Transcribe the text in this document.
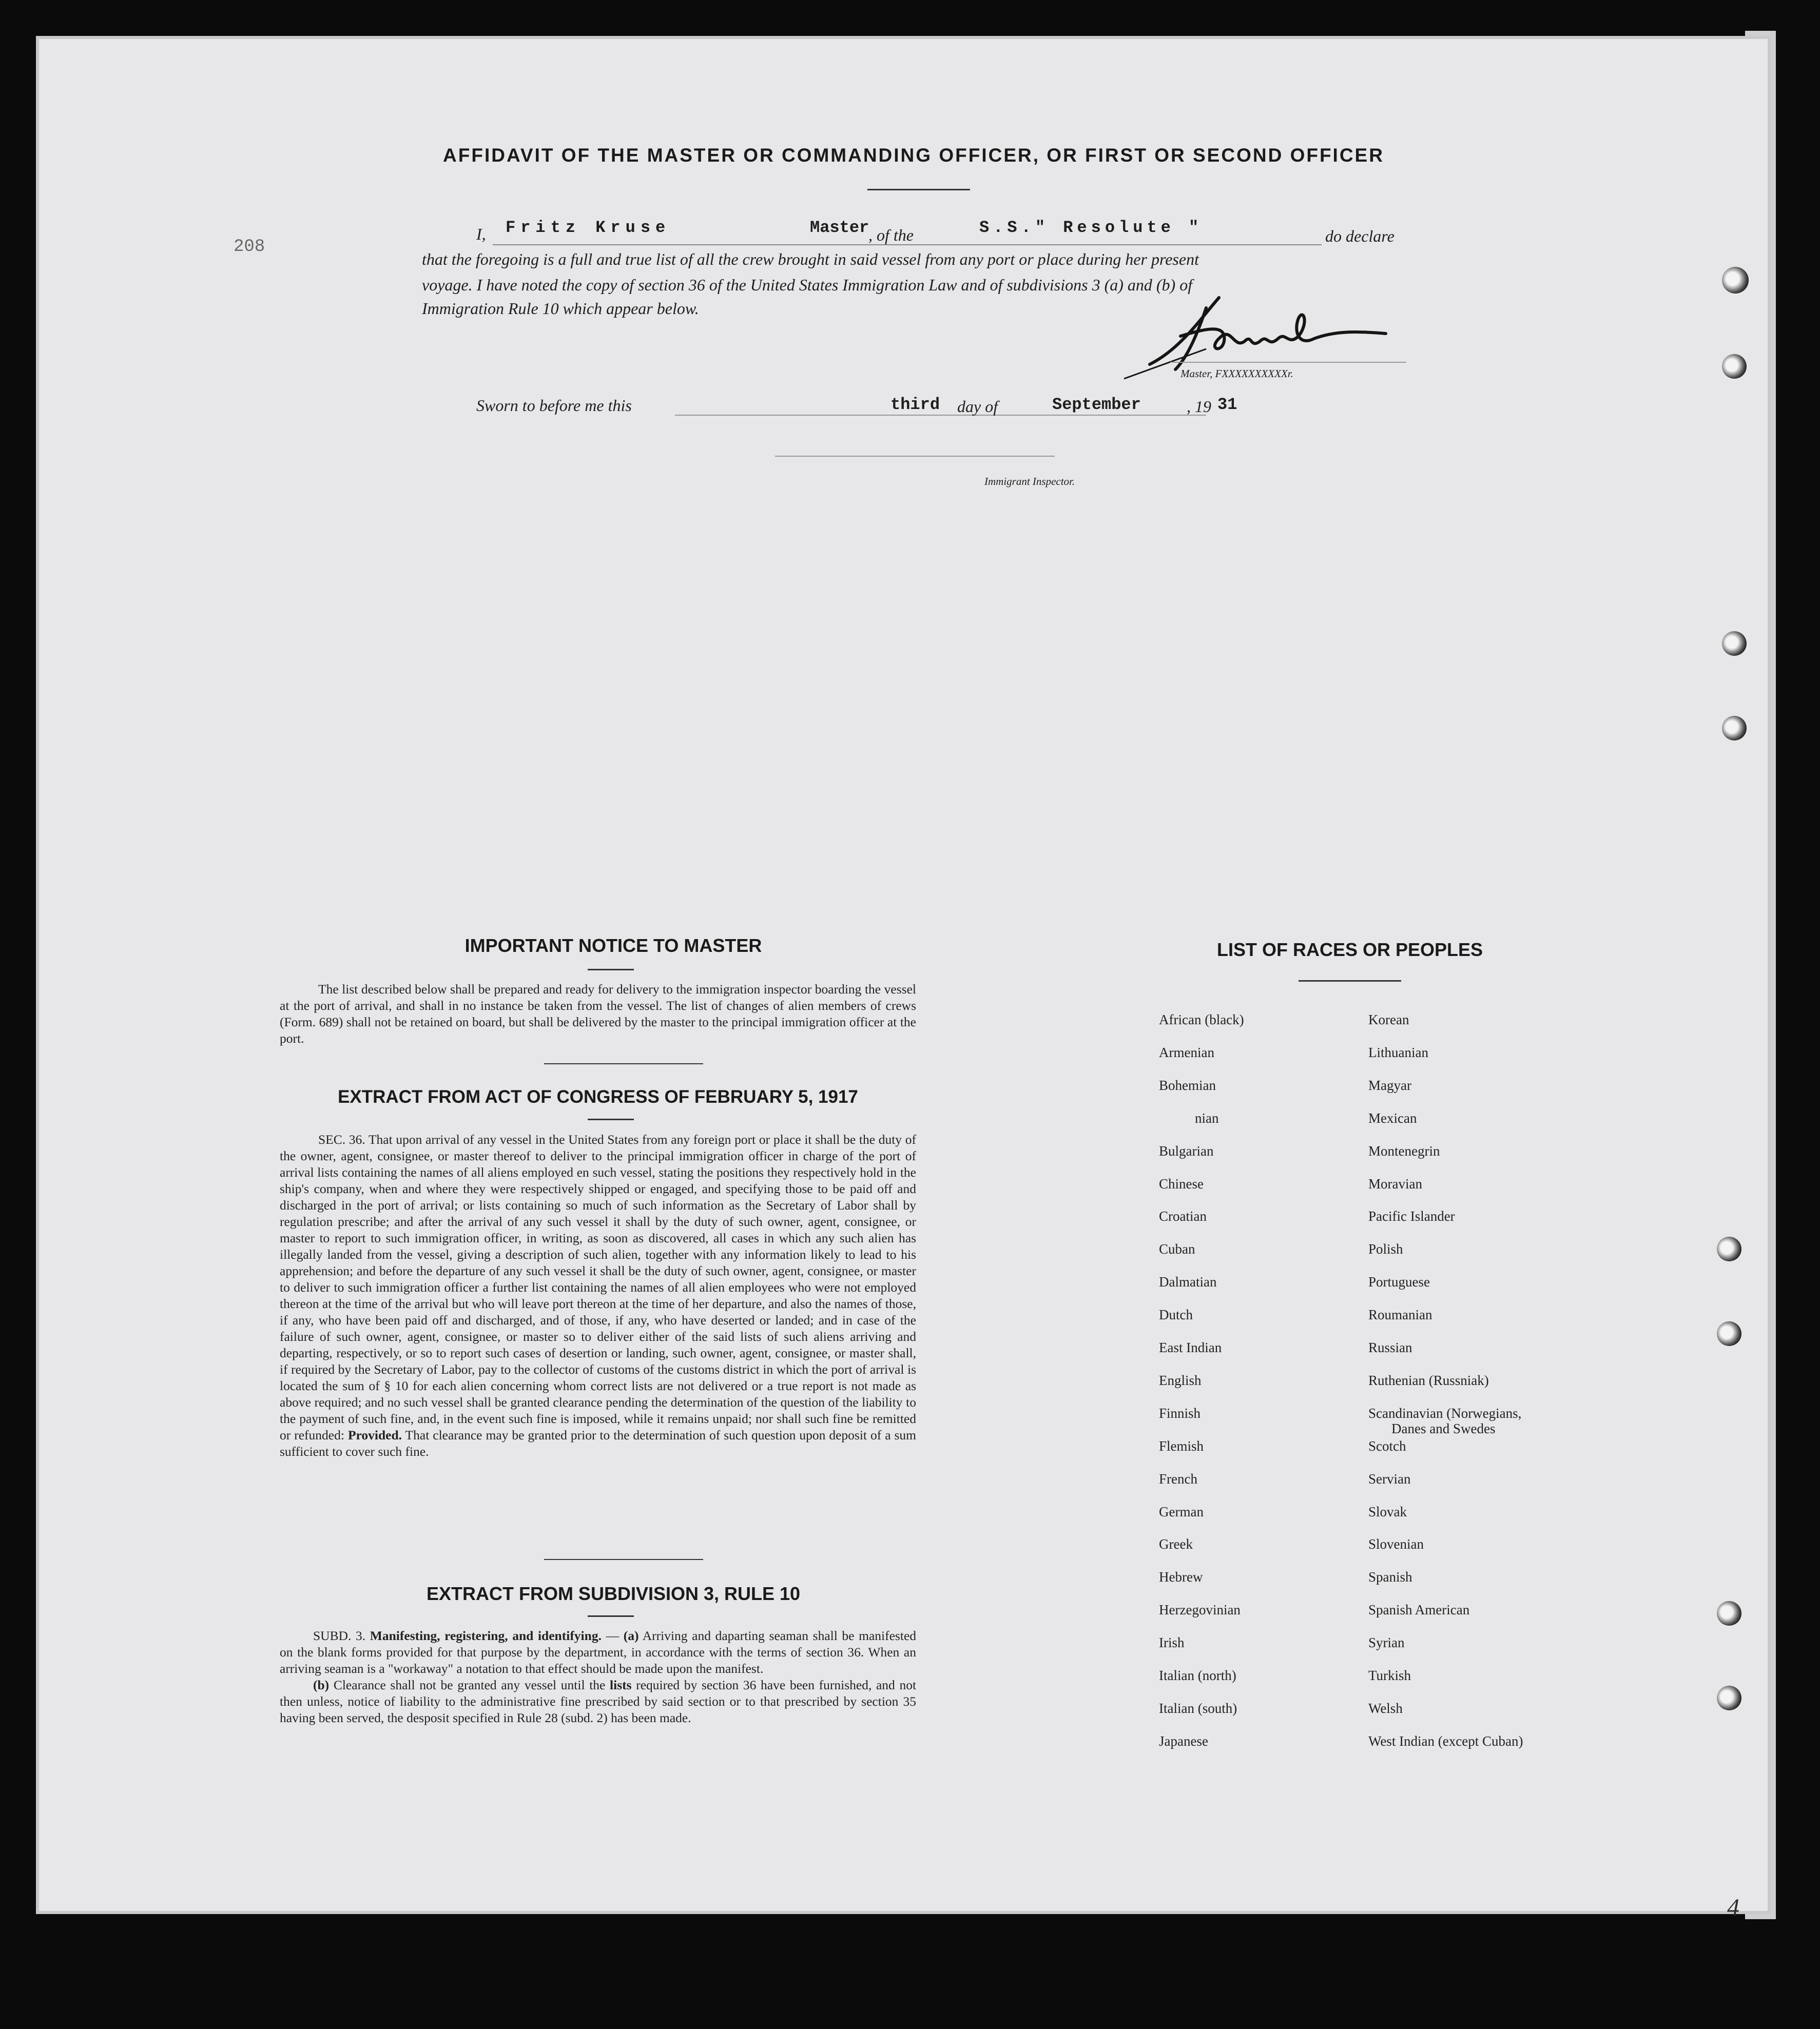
AFFIDAVIT OF THE MASTER OR COMMANDING OFFICER, OR FIRST OR SECOND OFFICER
208
I, Fritz Kruse	Master
, of the	S.S." Resolute "	do declare
that the foregoing is a full and true list of all the crew brought in said vessel from any port or place during her present
voyage. I have noted the copy of section 36 of the United States Immigration Law and of subdivisions 3 (a) and (b) of
Immigration Rule 10 which appear below.
Master, FXXXXXXXXXXr.
Sworn to before me this	third day of	September	, 19 31
Immigrant Inspector.
IMPORTANT NOTICE TO MASTER
The list described below shall be prepared and ready for delivery to the immigration inspector boarding the vessel at the port of arrival, and shall in no instance be taken from the vessel. The list of changes of alien members of crews (Form. 689) shall not be retained on board, but shall be delivered by the master to the principal immigration officer at the port.
EXTRACT FROM ACT OF CONGRESS OF FEBRUARY 5, 1917
SEC. 36. That upon arrival of any vessel in the United States from any foreign port or place it shall be the duty of the owner, agent, consignee, or master thereof to deliver to the principal immigration officer in charge of the port of arrival lists containing the names of all aliens employed en such vessel, stating the positions they respectively hold in the ship's company, when and where they were respectively shipped or engaged, and specifying those to be paid off and discharged in the port of arrival; or lists containing so much of such information as the Secretary of Labor shall by regulation prescribe; and after the arrival of any such vessel it shall by the duty of such owner, agent, consignee, or master to report to such immigration officer, in writing, as soon as discovered, all cases in which any such alien has illegally landed from the vessel, giving a description of such alien, together with any information likely to lead to his apprehension; and before the departure of any such vessel it shall be the duty of such owner, agent, consignee, or master to deliver to such immigration officer a further list containing the names of all alien employees who were not employed thereon at the time of the arrival but who will leave port thereon at the time of her departure, and also the names of those, if any, who have been paid off and discharged, and of those, if any, who have deserted or landed; and in case of the failure of such owner, agent, consignee, or master so to deliver either of the said lists of such aliens arriving and departing, respectively, or so to report such cases of desertion or landing, such owner, agent, consignee, or master shall, if required by the Secretary of Labor, pay to the collector of customs of the customs district in which the port of arrival is located the sum of § 10 for each alien concerning whom correct lists are not delivered or a true report is not made as above required; and no such vessel shall be granted clearance pending the determination of the question of the liability to the payment of such fine, and, in the event such fine is imposed, while it remains unpaid; nor shall such fine be remitted or refunded: Provided. That clearance may be granted prior to the determination of such question upon deposit of a sum sufficient to cover such fine.
EXTRACT FROM SUBDIVISION 3, RULE 10

SUBD. 3. Manifesting, registering, and identifying. — (a) Arriving and daparting seaman shall be manifested on the blank forms provided for that purpose by the department, in accordance with the terms of section 36. When an arriving seaman is a "workaway" a notation to that effect should be made upon the manifest.

(b) Clearance shall not be granted any vessel until the lists required by section 36 have been furnished, and not then unless, notice of liability to the administrative fine prescribed by said section or to that prescribed by section 35 having been served, the desposit specified in Rule 28 (subd. 2) has been made.

LIST OF RACES OR PEOPLES
African (black)
Armenian
Bohemian
nian
Bulgarian
Chinese
Croatian
Cuban
Dalmatian
Dutch
East Indian
English
Finnish
Flemish
French
German
Greek
Hebrew
Herzegovinian
Irish
Italian (north)
Italian (south)
Japanese
Korean
Lithuanian
Magyar
Mexican
Montenegrin
Moravian
Pacific Islander
Polish
Portuguese
Roumanian
Russian
Ruthenian (Russniak)
Scandinavian (Norwegians,
Danes and Swedes
Scotch
Servian
Slovak
Slovenian
Spanish
Spanish American
Syrian
Turkish
Welsh
West Indian (except Cuban)
4
